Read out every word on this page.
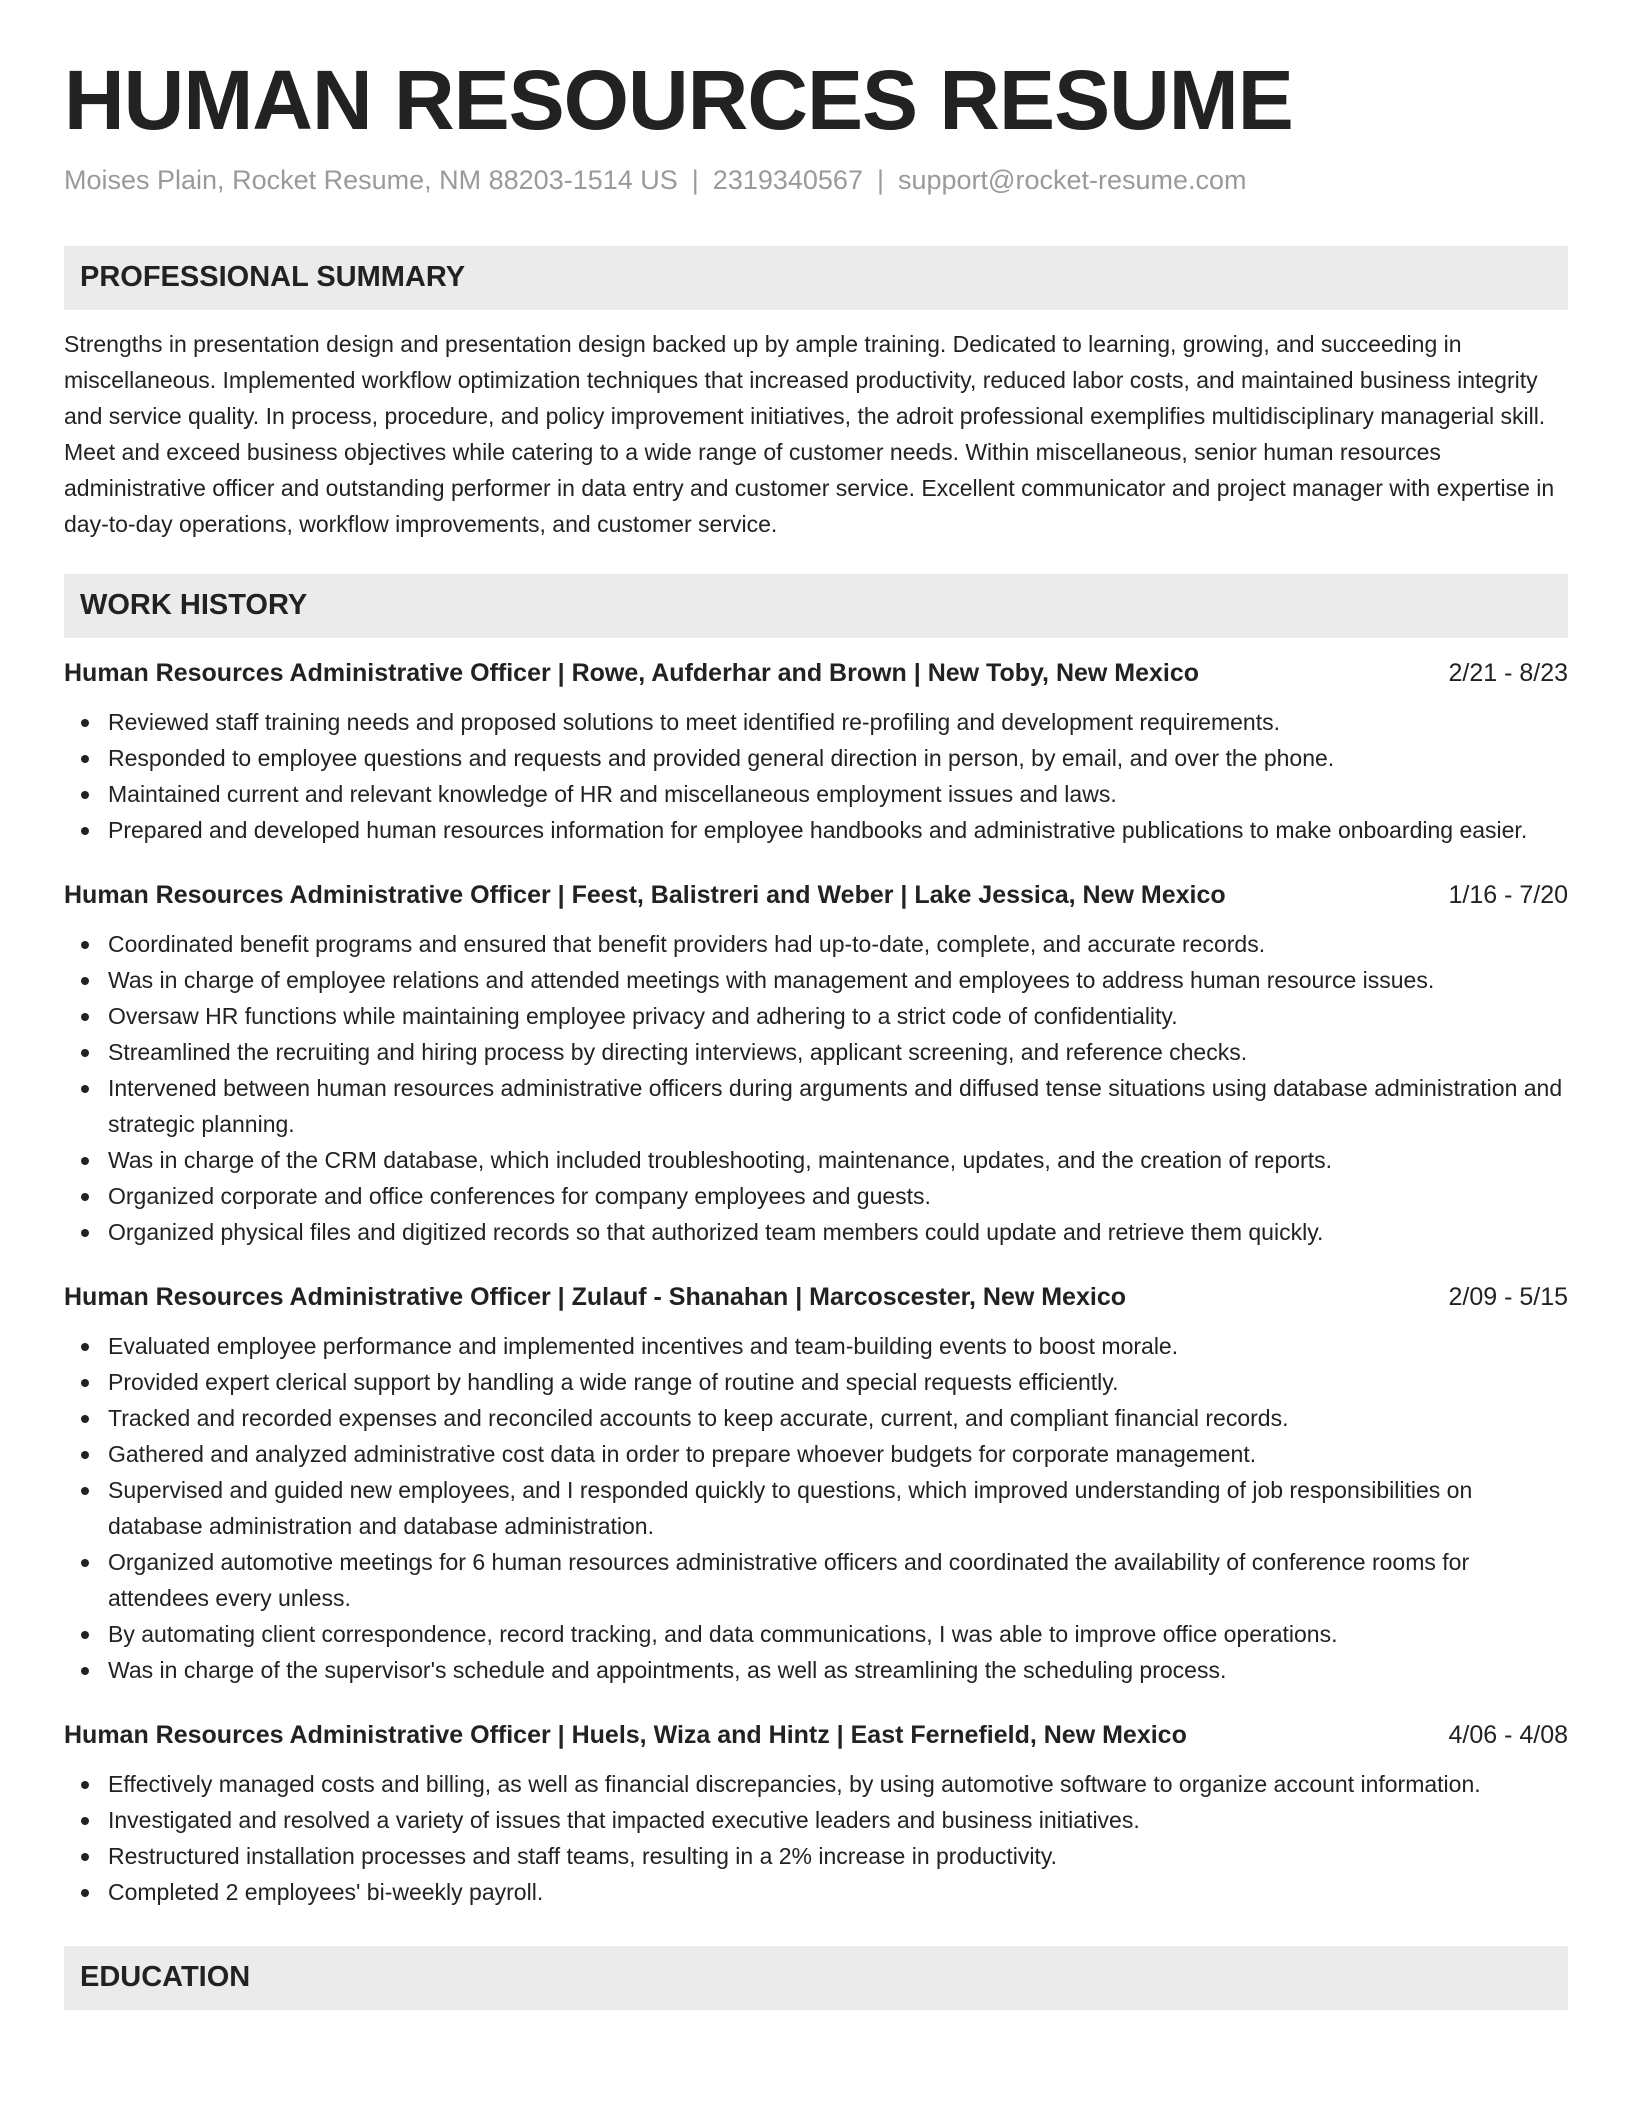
HUMAN RESOURCES RESUME
Moises Plain, Rocket Resume, NM 88203-1514 US | 2319340567 | support@rocket-resume.com
PROFESSIONAL SUMMARY

Strengths in presentation design and presentation design backed up by ample training. Dedicated to learning, growing, and succeeding in miscellaneous. Implemented workflow optimization techniques that increased productivity, reduced labor costs, and maintained business integrity and service quality. In process, procedure, and policy improvement initiatives, the adroit professional exemplifies multidisciplinary managerial skill. Meet and exceed business objectives while catering to a wide range of customer needs. Within miscellaneous, senior human resources administrative officer and outstanding performer in data entry and customer service. Excellent communicator and project manager with expertise in day-to-day operations, workflow improvements, and customer service.

WORK HISTORY
Human Resources Administrative Officer | Rowe, Aufderhar and Brown | New Toby, New Mexico	2/21 - 8/23
Reviewed staff training needs and proposed solutions to meet identified re-profiling and development requirements.
Responded to employee questions and requests and provided general direction in person, by email, and over the phone.
Maintained current and relevant knowledge of HR and miscellaneous employment issues and laws.
Prepared and developed human resources information for employee handbooks and administrative publications to make onboarding easier.
Human Resources Administrative Officer | Feest, Balistreri and Weber | Lake Jessica, New Mexico	1/16 - 7/20
Coordinated benefit programs and ensured that benefit providers had up-to-date, complete, and accurate records.
Was in charge of employee relations and attended meetings with management and employees to address human resource issues.
Oversaw HR functions while maintaining employee privacy and adhering to a strict code of confidentiality.
Streamlined the recruiting and hiring process by directing interviews, applicant screening, and reference checks.
Intervened between human resources administrative officers during arguments and diffused tense situations using database administration and strategic planning.
Was in charge of the CRM database, which included troubleshooting, maintenance, updates, and the creation of reports.
Organized corporate and office conferences for company employees and guests.
Organized physical files and digitized records so that authorized team members could update and retrieve them quickly.
Human Resources Administrative Officer | Zulauf - Shanahan | Marcoscester, New Mexico	2/09 - 5/15
Evaluated employee performance and implemented incentives and team-building events to boost morale.
Provided expert clerical support by handling a wide range of routine and special requests efficiently.
Tracked and recorded expenses and reconciled accounts to keep accurate, current, and compliant financial records.
Gathered and analyzed administrative cost data in order to prepare whoever budgets for corporate management.
Supervised and guided new employees, and I responded quickly to questions, which improved understanding of job responsibilities on database administration and database administration.
Organized automotive meetings for 6 human resources administrative officers and coordinated the availability of conference rooms for attendees every unless.
By automating client correspondence, record tracking, and data communications, I was able to improve office operations.
Was in charge of the supervisor's schedule and appointments, as well as streamlining the scheduling process.
Human Resources Administrative Officer | Huels, Wiza and Hintz | East Fernefield, New Mexico	4/06 - 4/08
Effectively managed costs and billing, as well as financial discrepancies, by using automotive software to organize account information.
Investigated and resolved a variety of issues that impacted executive leaders and business initiatives.
Restructured installation processes and staff teams, resulting in a 2% increase in productivity.
Completed 2 employees' bi-weekly payroll.
EDUCATION
